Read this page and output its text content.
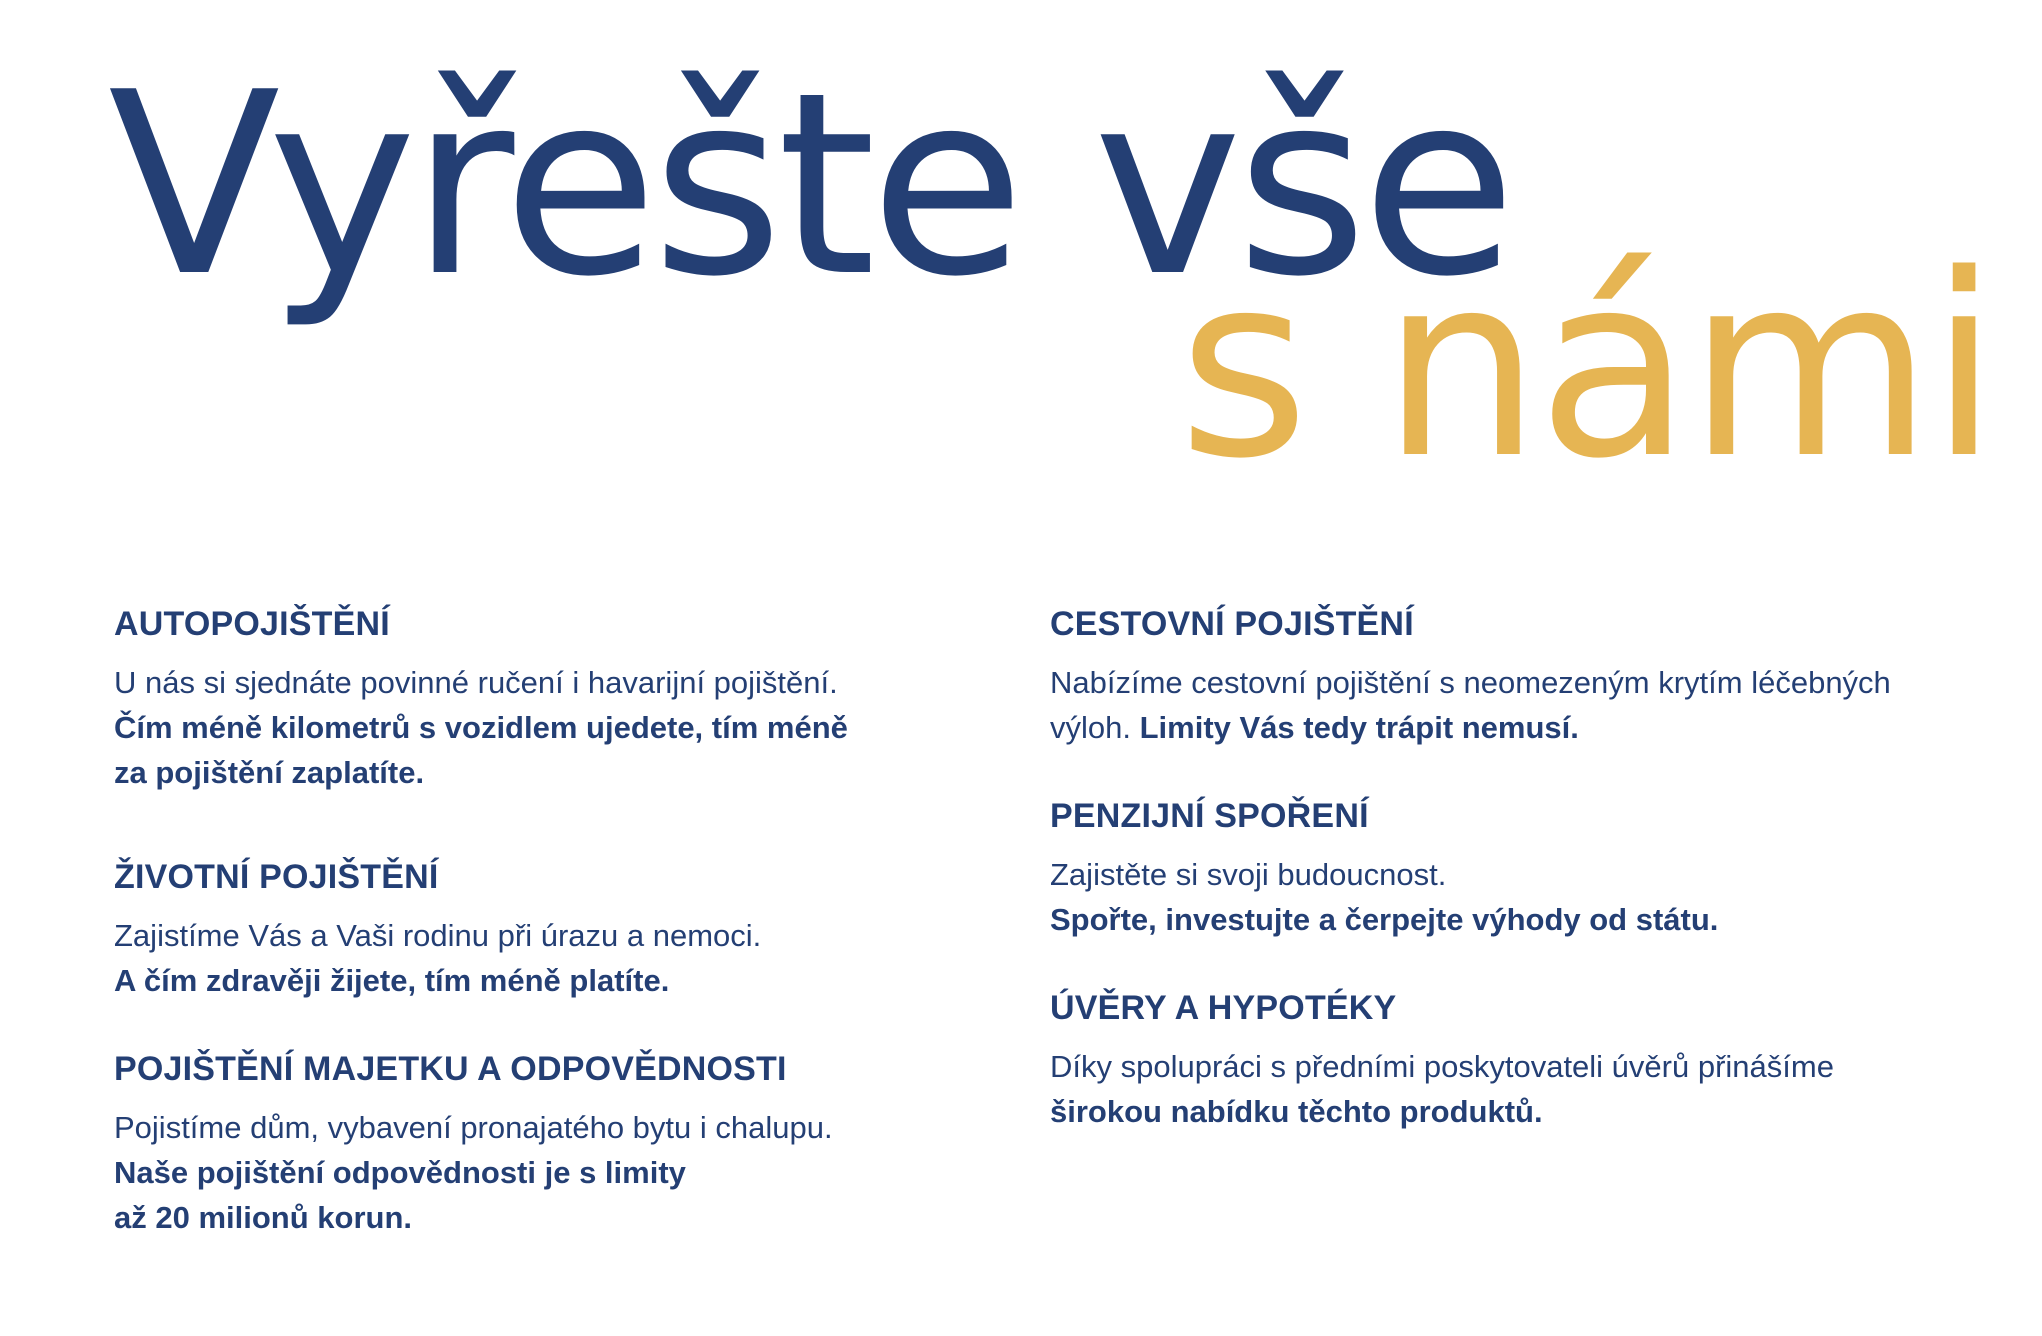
Vyřešte vše
s námi
AUTOPOJIŠTĚNÍ

U nás si sjednáte povinné ručení i havarijní pojištění.
Čím méně kilometrů s vozidlem ujedete, tím méně
za pojištění zaplatíte.

ŽIVOTNÍ POJIŠTĚNÍ

Zajistíme Vás a Vaši rodinu při úrazu a nemoci.
A čím zdravěji žijete, tím méně platíte.

POJIŠTĚNÍ MAJETKU A ODPOVĚDNOSTI

Pojistíme dům, vybavení pronajatého bytu i chalupu.
Naše pojištění odpovědnosti je s limity
až 20 milionů korun.

CESTOVNÍ POJIŠTĚNÍ

Nabízíme cestovní pojištění s neomezeným krytím léčebných
výloh. Limity Vás tedy trápit nemusí.

PENZIJNÍ SPOŘENÍ

Zajistěte si svoji budoucnost.
Spořte, investujte a čerpejte výhody od státu.

ÚVĚRY A HYPOTÉKY

Díky spolupráci s předními poskytovateli úvěrů přinášíme
širokou nabídku těchto produktů.
